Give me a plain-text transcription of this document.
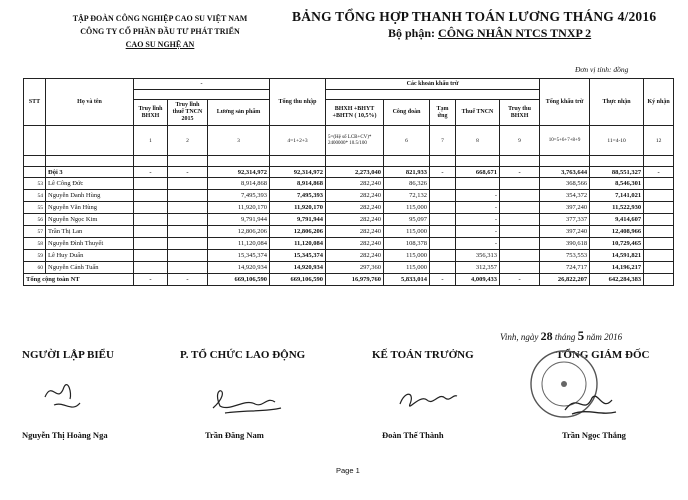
TẬP ĐOÀN CÔNG NGHIỆP CAO SU VIỆT NAM
CÔNG TY CỔ PHẦN ĐẦU TƯ PHÁT TRIỂN
CAO SU NGHỆ AN
BẢNG TỔNG HỢP THANH TOÁN LƯƠNG THÁNG 4/2016
Bộ phận: CÔNG NHÂN NTCS TNXP 2
Đơn vị tính: đồng
STT	Họ và tên	-			Tổng thu nhập	Các khoản khấu trừ					Tổng khấu trừ	Thực nhận	Ký nhận

		Truy lĩnh BHXH	Truy lĩnh thuế TNCN 2015	Lương sản phẩm		BHXH +BHYT +BHTN ( 10,5%)	Công đoàn	Tạm ứng	Thuế TNCN	Truy thu BHXH			
		1	2	3	4=1+2+3	5=(Hệ số LCB+CV)* 2400000* 10.5/100	6	7	8	9	10=5+6+7+8+9	11=4-10	12

	Đội 3	-	-	92,314,972	92,314,972	2,273,040	821,933	-	668,671	-	3,763,644	88,551,327	-
53	Lê Công Đức			8,914,868	8,914,868	282,240	86,326				368,566	8,546,301	
54	Nguyễn Danh Hùng			7,495,393	7,495,393	282,240	72,132		-		354,372	7,141,021	
55	Nguyễn Văn Hùng			11,920,170	11,920,170	282,240	115,000		-		397,240	11,522,930	
56	Nguyễn Ngọc Kim			9,791,944	9,791,944	282,240	95,097		-		377,337	9,414,607	
57	Trần Thị Lan			12,806,206	12,806,206	282,240	115,000		-		397,240	12,408,966	
58	Nguyễn Đình Thuyết			11,120,084	11,120,084	282,240	108,378		-		390,618	10,729,465	
59	Lê Huy Duẩn			15,345,374	15,345,374	282,240	115,000		356,313		753,553	14,591,821	
60	Nguyễn Cảnh Tuấn			14,920,934	14,920,934	297,360	115,000		312,357		724,717	14,196,217	
Tổng cộng toàn NT		-	-	669,106,590	669,106,590	16,979,760	5,833,014	-	4,009,433	-	26,822,207	642,284,383	
Vinh, ngày 28 tháng 5 năm 2016
NGƯỜI LẬP BIỂU	P. TỔ CHỨC LAO ĐỘNG	KẾ TOÁN TRƯỞNG	TỔNG GIÁM ĐỐC
Nguyễn Thị Hoàng Nga	Trần Đăng Nam	Đoàn Thế Thành	Trần Ngọc Thắng
Page 1
